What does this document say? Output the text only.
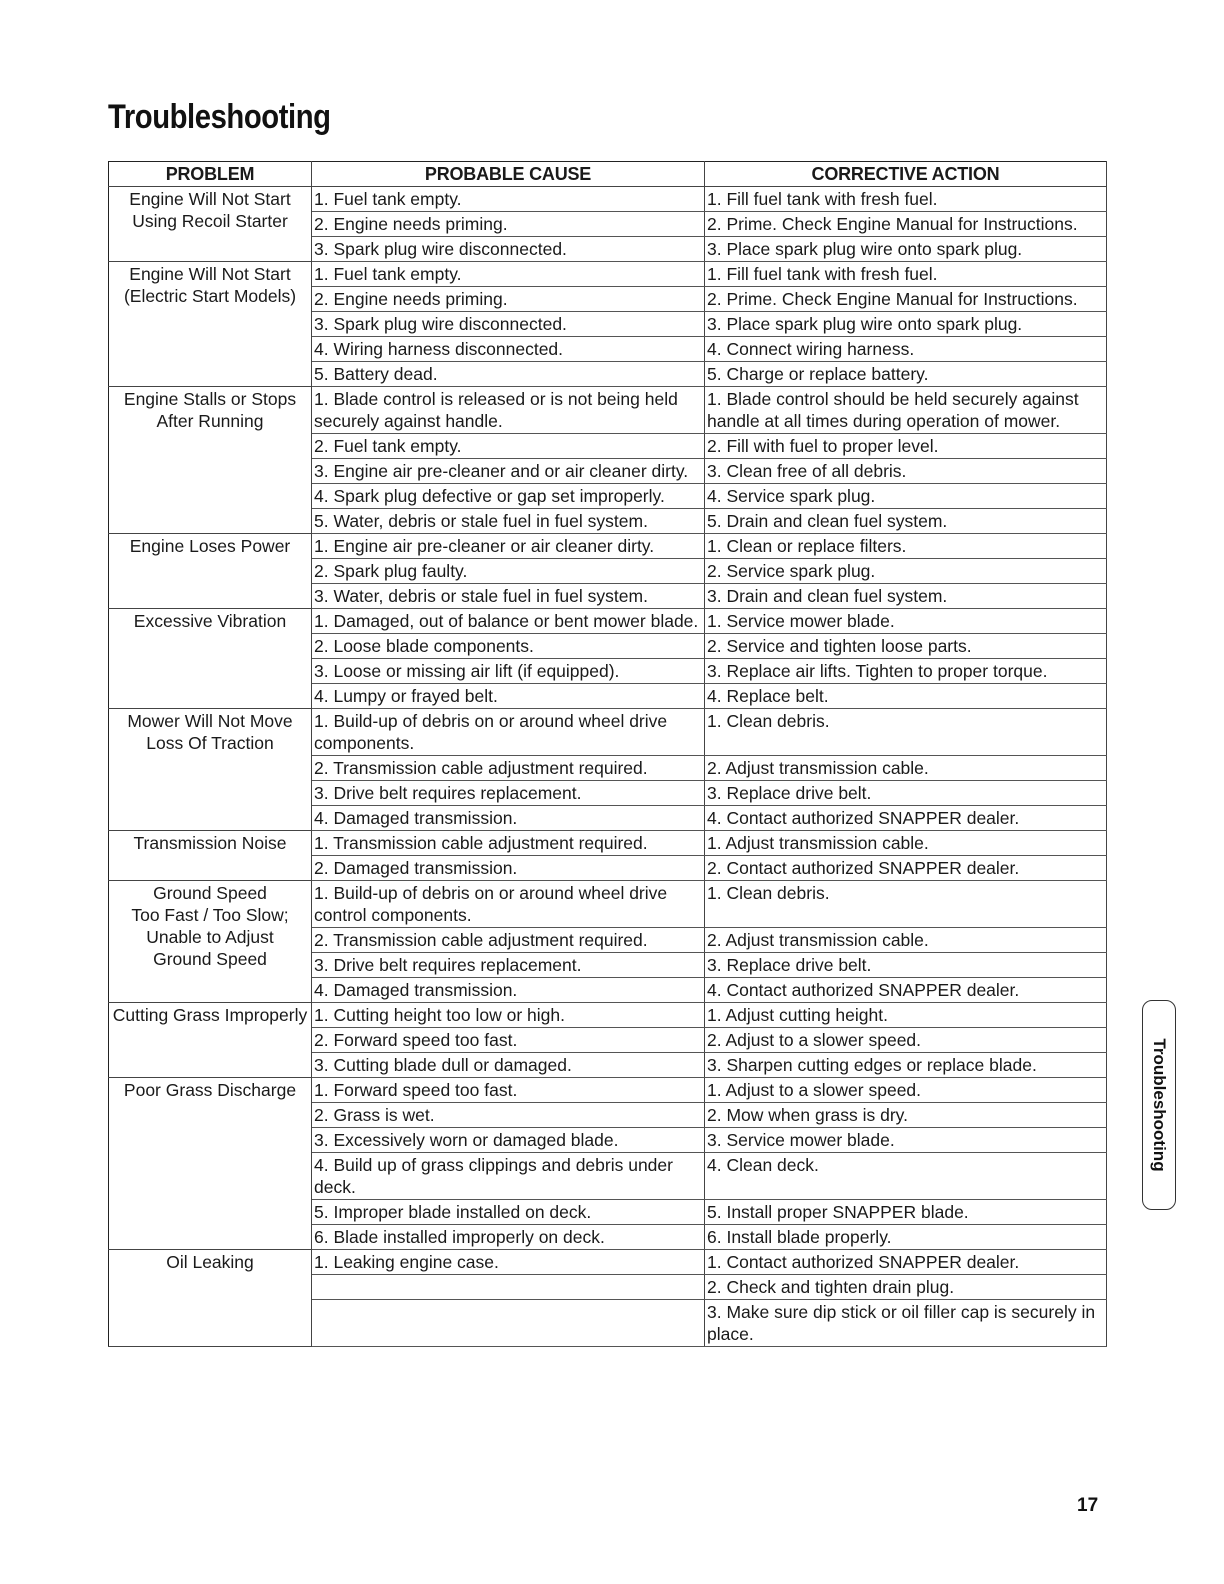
Troubleshooting
PROBLEM	PROBABLE CAUSE	CORRECTIVE ACTION
Engine Will Not Start
Using Recoil Starter	1. Fuel tank empty.	1. Fill fuel tank with fresh fuel.
	2. Engine needs priming.	2. Prime. Check Engine Manual for Instructions.
	3. Spark plug wire disconnected.	3. Place spark plug wire onto spark plug.
Engine Will Not Start
(Electric Start Models)	1. Fuel tank empty.	1. Fill fuel tank with fresh fuel.
	2. Engine needs priming.	2. Prime. Check Engine Manual for Instructions.
	3. Spark plug wire disconnected.	3. Place spark plug wire onto spark plug.
	4. Wiring harness disconnected.	4. Connect wiring harness.
	5. Battery dead.	5. Charge or replace battery.
Engine Stalls or Stops
After Running	1. Blade control is released or is not being held securely against handle.	1. Blade control should be held securely against handle at all times during operation of mower.
	2. Fuel tank empty.	2. Fill with fuel to proper level.
	3. Engine air pre-cleaner and or air cleaner dirty.	3. Clean free of all debris.
	4. Spark plug defective or gap set improperly.	4. Service spark plug.
	5. Water, debris or stale fuel in fuel system.	5. Drain and clean fuel system.
Engine Loses Power	1. Engine air pre-cleaner or air cleaner dirty.	1. Clean or replace filters.
	2. Spark plug faulty.	2. Service spark plug.
	3. Water, debris or stale fuel in fuel system.	3. Drain and clean fuel system.
Excessive Vibration	1. Damaged, out of balance or bent mower blade.	1. Service mower blade.
	2. Loose blade components.	2. Service and tighten loose parts.
	3. Loose or missing air lift (if equipped).	3. Replace air lifts. Tighten to proper torque.
	4. Lumpy or frayed belt.	4. Replace belt.
Mower Will Not Move
Loss Of Traction	1. Build-up of debris on or around wheel drive components.	1. Clean debris.
	2. Transmission cable adjustment required.	2. Adjust transmission cable.
	3. Drive belt requires replacement.	3. Replace drive belt.
	4. Damaged transmission.	4. Contact authorized SNAPPER dealer.
Transmission Noise	1. Transmission cable adjustment required.	1. Adjust transmission cable.
	2. Damaged transmission.	2. Contact authorized SNAPPER dealer.
Ground Speed
Too Fast / Too Slow;
Unable to Adjust
Ground Speed	1. Build-up of debris on or around wheel drive control components.	1. Clean debris.
	2. Transmission cable adjustment required.	2. Adjust transmission cable.
	3. Drive belt requires replacement.	3. Replace drive belt.
	4. Damaged transmission.	4. Contact authorized SNAPPER dealer.
Cutting Grass Improperly	1. Cutting height too low or high.	1. Adjust cutting height.
	2. Forward speed too fast.	2. Adjust to a slower speed.
	3. Cutting blade dull or damaged.	3. Sharpen cutting edges or replace blade.
Poor Grass Discharge	1. Forward speed too fast.	1. Adjust to a slower speed.
	2. Grass is wet.	2. Mow when grass is dry.
	3. Excessively worn or damaged blade.	3. Service mower blade.
	4. Build up of grass clippings and debris under deck.	4. Clean deck.
	5. Improper blade installed on deck.	5. Install proper SNAPPER blade.
	6. Blade installed improperly on deck.	6. Install blade properly.
Oil Leaking	1. Leaking engine case.	1. Contact authorized SNAPPER dealer.
		2. Check and tighten drain plug.
		3. Make sure dip stick or oil filler cap is securely in place.
Troubleshooting
17
